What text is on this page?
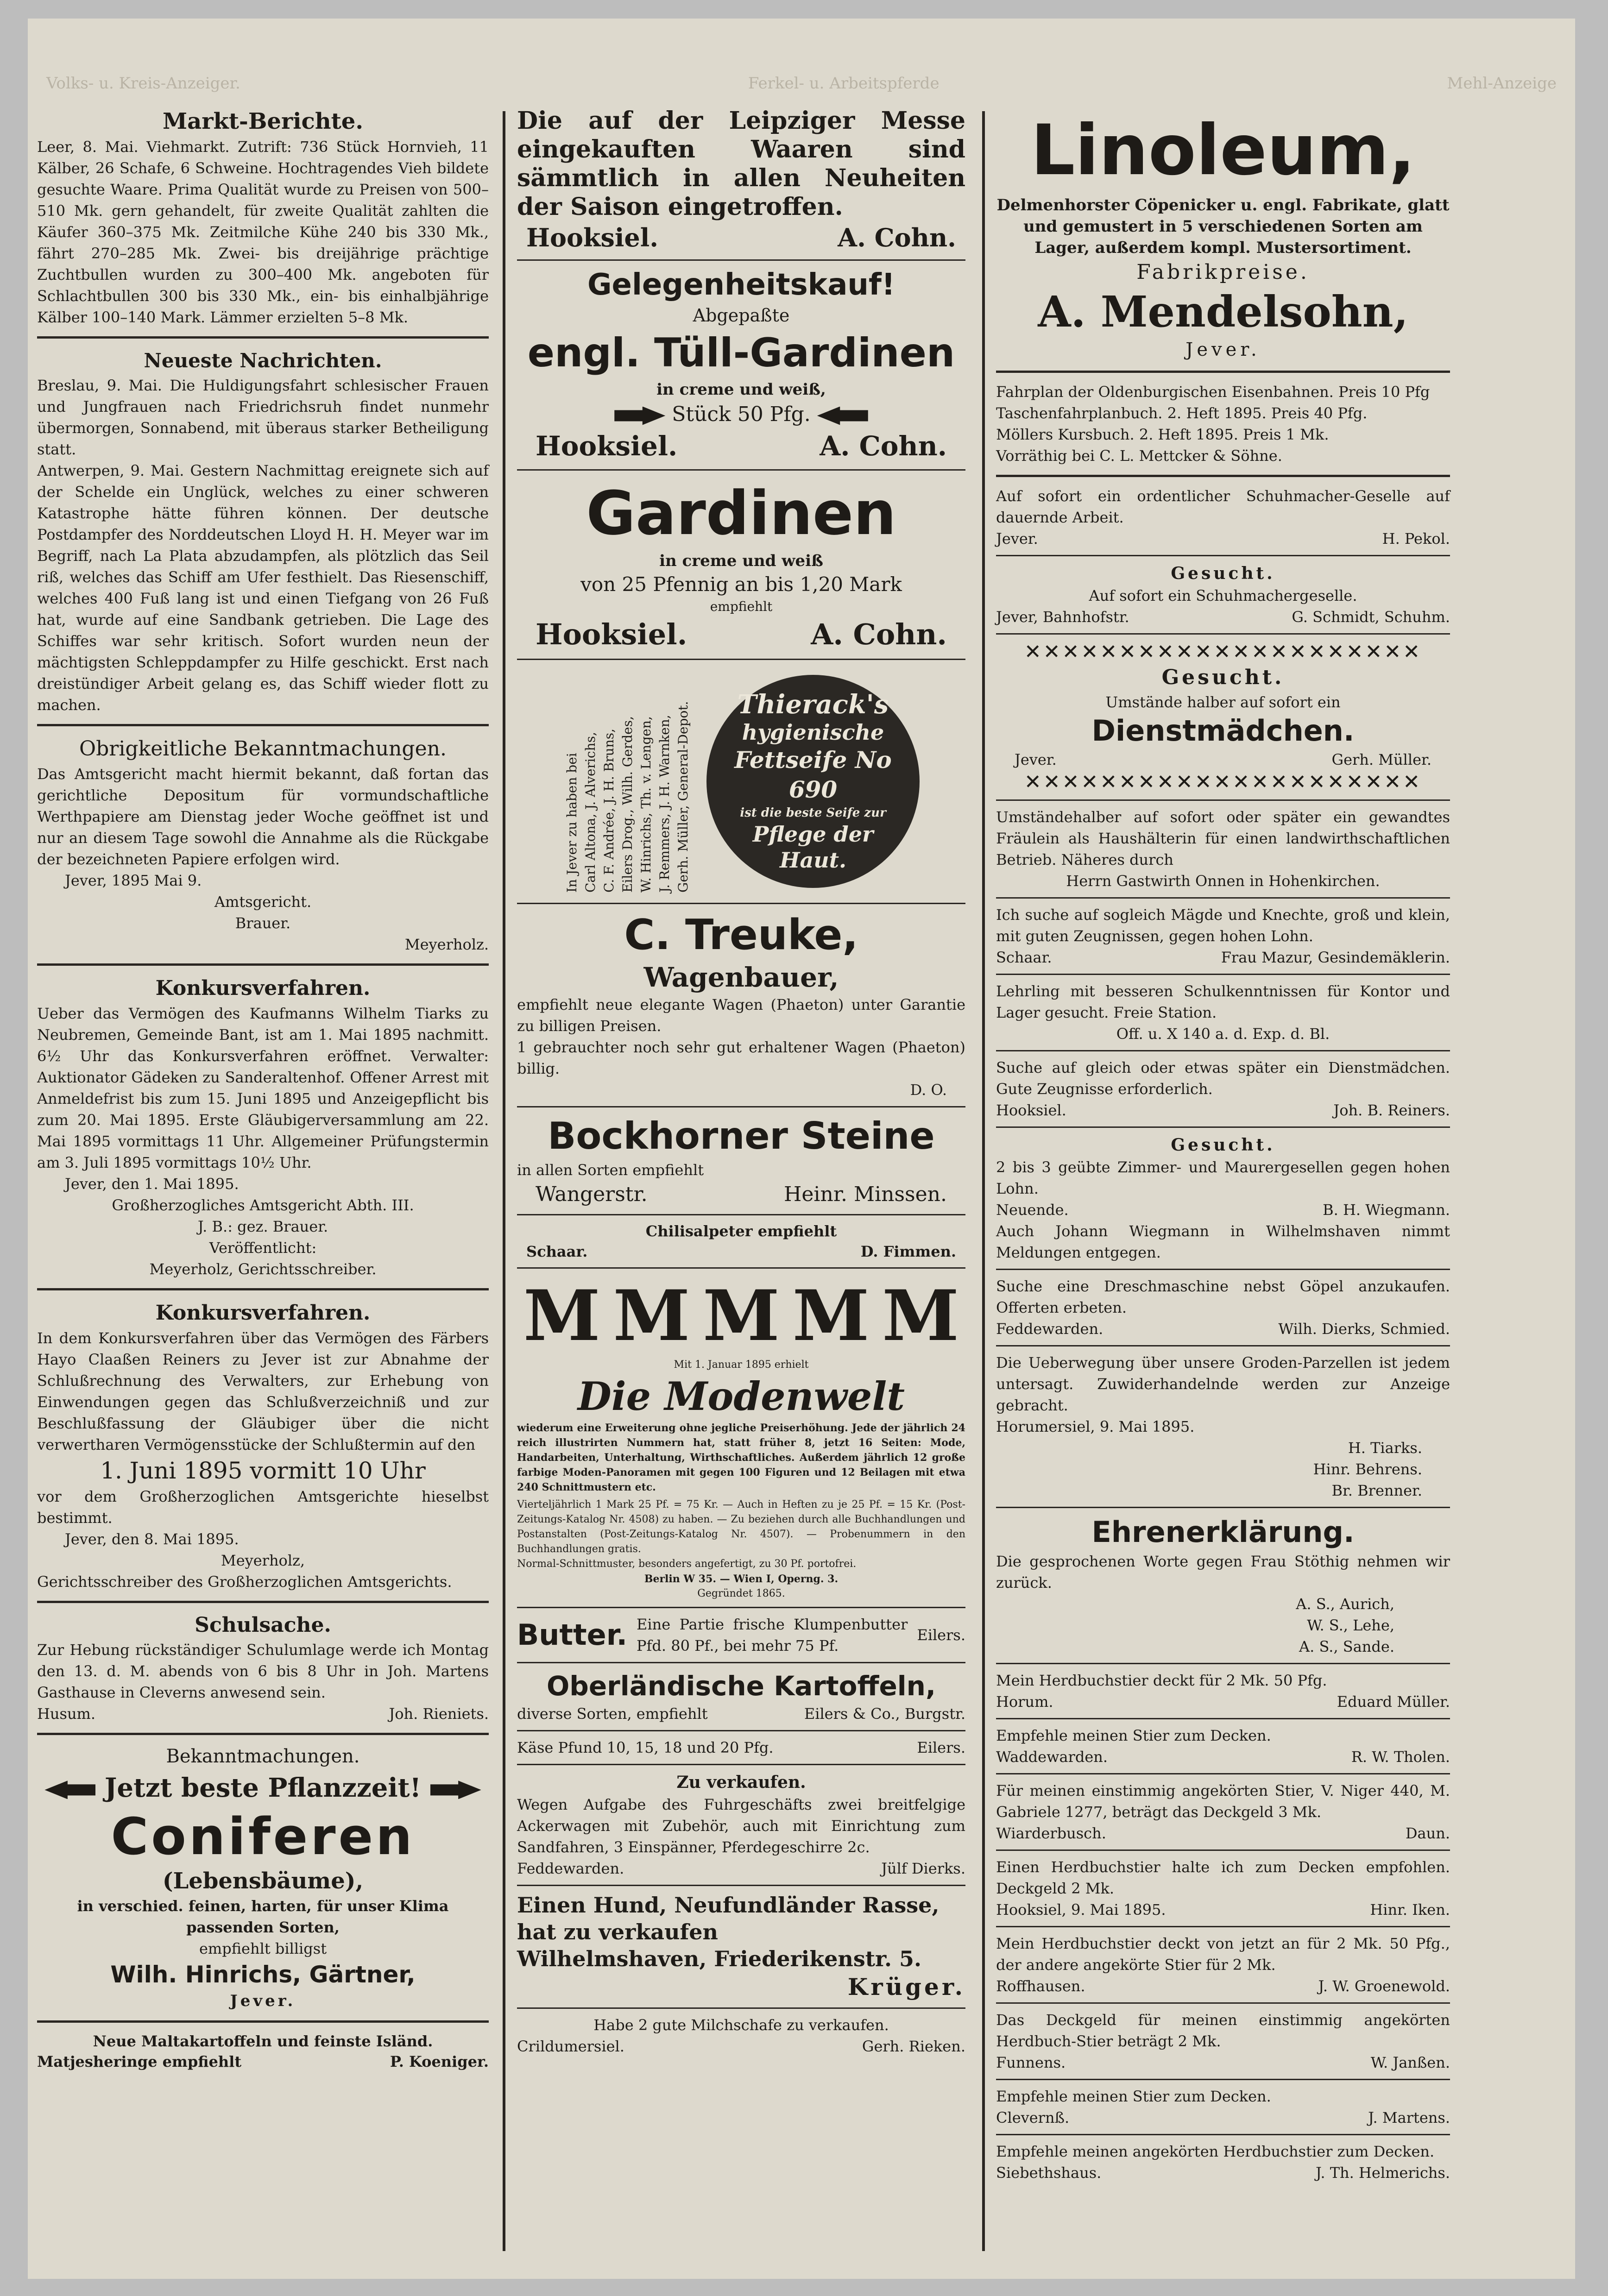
Volks- u. Kreis-Anzeiger.	Ferkel- u. Arbeitspferde	Mehl-Anzeige

Markt-Berichte.

Leer, 8. Mai. Viehmarkt. Zutrift: 736 Stück Hornvieh, 11 Kälber, 26 Schafe, 6 Schweine. Hochtragendes Vieh bildete gesuchte Waare. Prima Qualität wurde zu Preisen von 500–510 Mk. gern gehandelt, für zweite Qualität zahlten die Käufer 360–375 Mk. Zeitmilche Kühe 240 bis 330 Mk., fährt 270–285 Mk. Zwei- bis dreijährige prächtige Zuchtbullen wurden zu 300–400 Mk. angeboten für Schlachtbullen 300 bis 330 Mk., ein- bis einhalbjährige Kälber 100–140 Mark. Lämmer erzielten 5–8 Mk.

Neueste Nachrichten.

Breslau, 9. Mai. Die Huldigungsfahrt schlesischer Frauen und Jungfrauen nach Friedrichsruh findet nunmehr übermorgen, Sonnabend, mit überaus starker Betheiligung statt.

Antwerpen, 9. Mai. Gestern Nachmittag ereignete sich auf der Schelde ein Unglück, welches zu einer schweren Katastrophe hätte führen können. Der deutsche Postdampfer des Norddeutschen Lloyd H. H. Meyer war im Begriff, nach La Plata abzudampfen, als plötzlich das Seil riß, welches das Schiff am Ufer festhielt. Das Riesenschiff, welches 400 Fuß lang ist und einen Tiefgang von 26 Fuß hat, wurde auf eine Sandbank getrieben. Die Lage des Schiffes war sehr kritisch. Sofort wurden neun der mächtigsten Schleppdampfer zu Hilfe geschickt. Erst nach dreistündiger Arbeit gelang es, das Schiff wieder flott zu machen.

Obrigkeitliche Bekanntmachungen.

Das Amtsgericht macht hiermit bekannt, daß fortan das gerichtliche Depositum für vormundschaftliche Werthpapiere am Dienstag jeder Woche geöffnet ist und nur an diesem Tage sowohl die Annahme als die Rückgabe der bezeichneten Papiere erfolgen wird.

Jever, 1895 Mai 9.

Amtsgericht.

Brauer.

Meyerholz.

Konkursverfahren.

Ueber das Vermögen des Kaufmanns Wilhelm Tiarks zu Neubremen, Gemeinde Bant, ist am 1. Mai 1895 nachmitt. 6½ Uhr das Konkursverfahren eröffnet. Verwalter: Auktionator Gädeken zu Sanderaltenhof. Offener Arrest mit Anmeldefrist bis zum 15. Juni 1895 und Anzeigepflicht bis zum 20. Mai 1895. Erste Gläubigerversammlung am 22. Mai 1895 vormittags 11 Uhr. Allgemeiner Prüfungstermin am 3. Juli 1895 vormittags 10½ Uhr.

Jever, den 1. Mai 1895.

Großherzogliches Amtsgericht Abth. III.

J. B.: gez. Brauer.

Veröffentlicht:

Meyerholz, Gerichtsschreiber.

Konkursverfahren.

In dem Konkursverfahren über das Vermögen des Färbers Hayo Claaßen Reiners zu Jever ist zur Abnahme der Schlußrechnung des Verwalters, zur Erhebung von Einwendungen gegen das Schlußverzeichniß und zur Beschlußfassung der Gläubiger über die nicht verwertharen Vermögensstücke der Schlußtermin auf den

1. Juni 1895 vormitt 10 Uhr

vor dem Großherzoglichen Amtsgerichte hieselbst bestimmt.

Jever, den 8. Mai 1895.

Meyerholz,

Gerichtsschreiber des Großherzoglichen Amtsgerichts.

Schulsache.

Zur Hebung rückständiger Schulumlage werde ich Montag den 13. d. M. abends von 6 bis 8 Uhr in Joh. Martens Gasthause in Cleverns anwesend sein.

Husum.	Joh. Rieniets.

Bekanntmachungen.

Jetzt beste Pflanzzeit!

Coniferen

(Lebensbäume),

in verschied. feinen, harten, für unser Klima passenden Sorten,

empfiehlt billigst

Wilh. Hinrichs, Gärtner,

Jever.

Neue Maltakartoffeln und feinste Isländ.

Matjesheringe empfiehlt	P. Koeniger.

Die auf der Leipziger Messe eingekauften Waaren sind sämmtlich in allen Neuheiten der Saison eingetroffen.

Hooksiel.	A. Cohn.

Gelegenheitskauf!

Abgepaßte

engl. Tüll-Gardinen

in creme und weiß,

Stück 50 Pfg.

Hooksiel.	A. Cohn.

Gardinen

in creme und weiß

von 25 Pfennig an bis 1,20 Mark

empfiehlt

Hooksiel.	A. Cohn.
In Jever zu haben bei Carl Altona, J. Alverichs, C. F. Andrée, J. H. Bruns, Eilers Drog., Wilh. Gerdes, W. Hinrichs, Th. v. Lengen, J. Remmers, J. H. Warnken, Gerh. Müller, General-Depot. Thierack's
hygienische
Fettseife No 690
ist die beste Seife zur
Pflege der
Haut.

C. Treuke,

Wagenbauer,

empfiehlt neue elegante Wagen (Phaeton) unter Garantie zu billigen Preisen.

1 gebrauchter noch sehr gut erhaltener Wagen (Phaeton) billig.

D. O.

Bockhorner Steine

in allen Sorten empfiehlt

Wangerstr.	Heinr. Minssen.

Chilisalpeter empfiehlt

Schaar.	D. Fimmen.
M M M M M

Mit 1. Januar 1895 erhielt

Die Modenwelt

wiederum eine Erweiterung ohne jegliche Preiserhöhung. Jede der jährlich 24 reich illustrirten Nummern hat, statt früher 8, jetzt 16 Seiten: Mode, Handarbeiten, Unterhaltung, Wirthschaftliches. Außerdem jährlich 12 große farbige Moden-Panoramen mit gegen 100 Figuren und 12 Beilagen mit etwa 240 Schnittmustern etc.

Vierteljährlich 1 Mark 25 Pf. = 75 Kr. — Auch in Heften zu je 25 Pf. = 15 Kr. (Post-Zeitungs-Katalog Nr. 4508) zu haben. — Zu beziehen durch alle Buchhandlungen und Postanstalten (Post-Zeitungs-Katalog Nr. 4507). — Probenummern in den Buchhandlungen gratis.

Normal-Schnittmuster, besonders angefertigt, zu 30 Pf. portofrei.

Berlin W 35. — Wien I, Operng. 3.

Gegründet 1865.

Butter. Eine Partie frische Klumpenbutter Pfd. 80 Pf., bei mehr 75 Pf.
Eilers.

Oberländische Kartoffeln,

diverse Sorten, empfiehlt	Eilers & Co., Burgstr.
Käse Pfund 10, 15, 18 und 20 Pfg.	Eilers.

Zu verkaufen.

Wegen Aufgabe des Fuhrgeschäfts zwei breitfelgige Ackerwagen mit Zubehör, auch mit Einrichtung zum Sandfahren, 3 Einspänner, Pferdegeschirre 2c.

Feddewarden.	Jülf Dierks.

Einen Hund, Neufundländer Rasse, hat zu verkaufen

Wilhelmshaven, Friederikenstr. 5.

Krüger.

Habe 2 gute Milchschafe zu verkaufen.

Crildumersiel.	Gerh. Rieken.

Linoleum,

Delmenhorster Cöpenicker u. engl. Fabrikate, glatt und gemustert in 5 verschiedenen Sorten am Lager, außerdem kompl. Mustersortiment.

Fabrikpreise.

A. Mendelsohn,

Jever.

Fahrplan der Oldenburgischen Eisenbahnen. Preis 10 Pfg

Taschenfahrplanbuch. 2. Heft 1895. Preis 40 Pfg.

Möllers Kursbuch. 2. Heft 1895. Preis 1 Mk.

Vorräthig bei C. L. Mettcker & Söhne.

Auf sofort ein ordentlicher Schuhmacher-Geselle auf dauernde Arbeit.

Jever.	H. Pekol.

Gesucht.

Auf sofort ein Schuhmachergeselle.

Jever, Bahnhofstr.	G. Schmidt, Schuhm.

✕✕✕✕✕✕✕✕✕✕✕✕✕✕✕✕✕✕✕✕✕

Gesucht.

Umstände halber auf sofort ein

Dienstmädchen.

Jever.	Gerh. Müller.

✕✕✕✕✕✕✕✕✕✕✕✕✕✕✕✕✕✕✕✕✕

Umständehalber auf sofort oder später ein gewandtes Fräulein als Haushälterin für einen landwirthschaftlichen Betrieb. Näheres durch

Herrn Gastwirth Onnen in Hohenkirchen.

Ich suche auf sogleich Mägde und Knechte, groß und klein, mit guten Zeugnissen, gegen hohen Lohn.

Schaar.	Frau Mazur, Gesindemäklerin.

Lehrling mit besseren Schulkenntnissen für Kontor und Lager gesucht. Freie Station.

Off. u. X 140 a. d. Exp. d. Bl.

Suche auf gleich oder etwas später ein Dienstmädchen. Gute Zeugnisse erforderlich.

Hooksiel.	Joh. B. Reiners.

Gesucht.

2 bis 3 geübte Zimmer- und Maurergesellen gegen hohen Lohn.

Neuende.	B. H. Wiegmann.

Auch Johann Wiegmann in Wilhelmshaven nimmt Meldungen entgegen.

Suche eine Dreschmaschine nebst Göpel anzukaufen. Offerten erbeten.

Feddewarden.	Wilh. Dierks, Schmied.

Die Ueberwegung über unsere Groden-Parzellen ist jedem untersagt. Zuwiderhandelnde werden zur Anzeige gebracht.

Horumersiel, 9. Mai 1895.

H. Tiarks.

Hinr. Behrens.

Br. Brenner.

Ehrenerklärung.

Die gesprochenen Worte gegen Frau Stöthig nehmen wir zurück.

A. S., Aurich,

W. S., Lehe,

A. S., Sande.

Mein Herdbuchstier deckt für 2 Mk. 50 Pfg.

Horum.	Eduard Müller.

Empfehle meinen Stier zum Decken.

Waddewarden.	R. W. Tholen.

Für meinen einstimmig angekörten Stier, V. Niger 440, M. Gabriele 1277, beträgt das Deckgeld 3 Mk.

Wiarderbusch.	Daun.

Einen Herdbuchstier halte ich zum Decken empfohlen. Deckgeld 2 Mk.

Hooksiel, 9. Mai 1895.	Hinr. Iken.

Mein Herdbuchstier deckt von jetzt an für 2 Mk. 50 Pfg., der andere angekörte Stier für 2 Mk.

Roffhausen.	J. W. Groenewold.

Das Deckgeld für meinen einstimmig angekörten Herdbuch-Stier beträgt 2 Mk.

Funnens.	W. Janßen.

Empfehle meinen Stier zum Decken.

Clevernß.	J. Martens.

Empfehle meinen angekörten Herdbuchstier zum Decken.

Siebethshaus.	J. Th. Helmerichs.
